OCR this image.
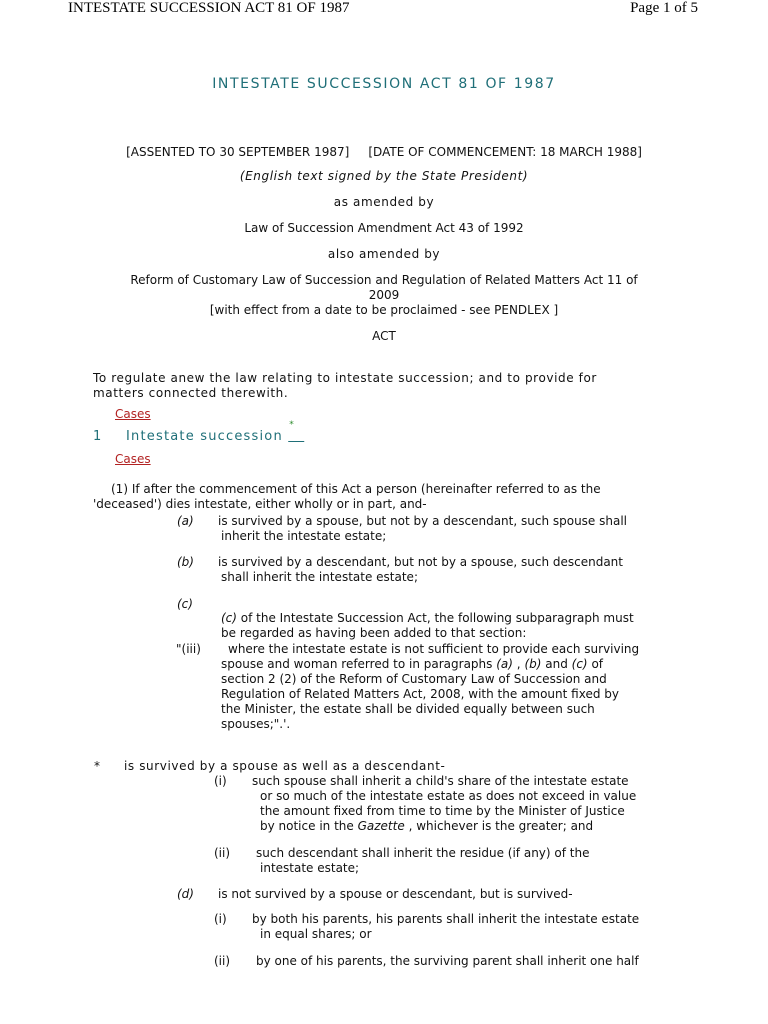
INTESTATE SUCCESSION ACT 81 OF 1987	Page 1 of 5
INTESTATE SUCCESSION ACT 81 OF 1987
[ASSENTED TO 30 SEPTEMBER 1987] [DATE OF COMMENCEMENT: 18 MARCH 1988]
(English text signed by the State President)
as amended by
Law of Succession Amendment Act 43 of 1992
also amended by
Reform of Customary Law of Succession and Regulation of Related Matters Act 11 of
2009
[with effect from a date to be proclaimed - see PENDLEX ]
ACT
To regulate anew the law relating to intestate succession; and to provide for
matters connected therewith.
Cases
1 Intestate succession
*

Cases
(1) If after the commencement of this Act a person (hereinafter referred to as the
'deceased') dies intestate, either wholly or in part, and-
(a) is survived by a spouse, but not by a descendant, such spouse shall
inherit the intestate estate;
(b) is survived by a descendant, but not by a spouse, such descendant
shall inherit the intestate estate;
(c)
(c) of the Intestate Succession Act, the following subparagraph must
be regarded as having been added to that section:
"(iii) where the intestate estate is not sufficient to provide each surviving
spouse and woman referred to in paragraphs (a) , (b) and (c) of
section 2 (2) of the Reform of Customary Law of Succession and
Regulation of Related Matters Act, 2008, with the amount fixed by
the Minister, the estate shall be divided equally between such
spouses;".'.
* is survived by a spouse as well as a descendant-
(i) such spouse shall inherit a child's share of the intestate estate
or so much of the intestate estate as does not exceed in value
the amount fixed from time to time by the Minister of Justice
by notice in the Gazette , whichever is the greater; and
(ii) such descendant shall inherit the residue (if any) of the
intestate estate;
(d) is not survived by a spouse or descendant, but is survived-
(i) by both his parents, his parents shall inherit the intestate estate
in equal shares; or
(ii) by one of his parents, the surviving parent shall inherit one half
